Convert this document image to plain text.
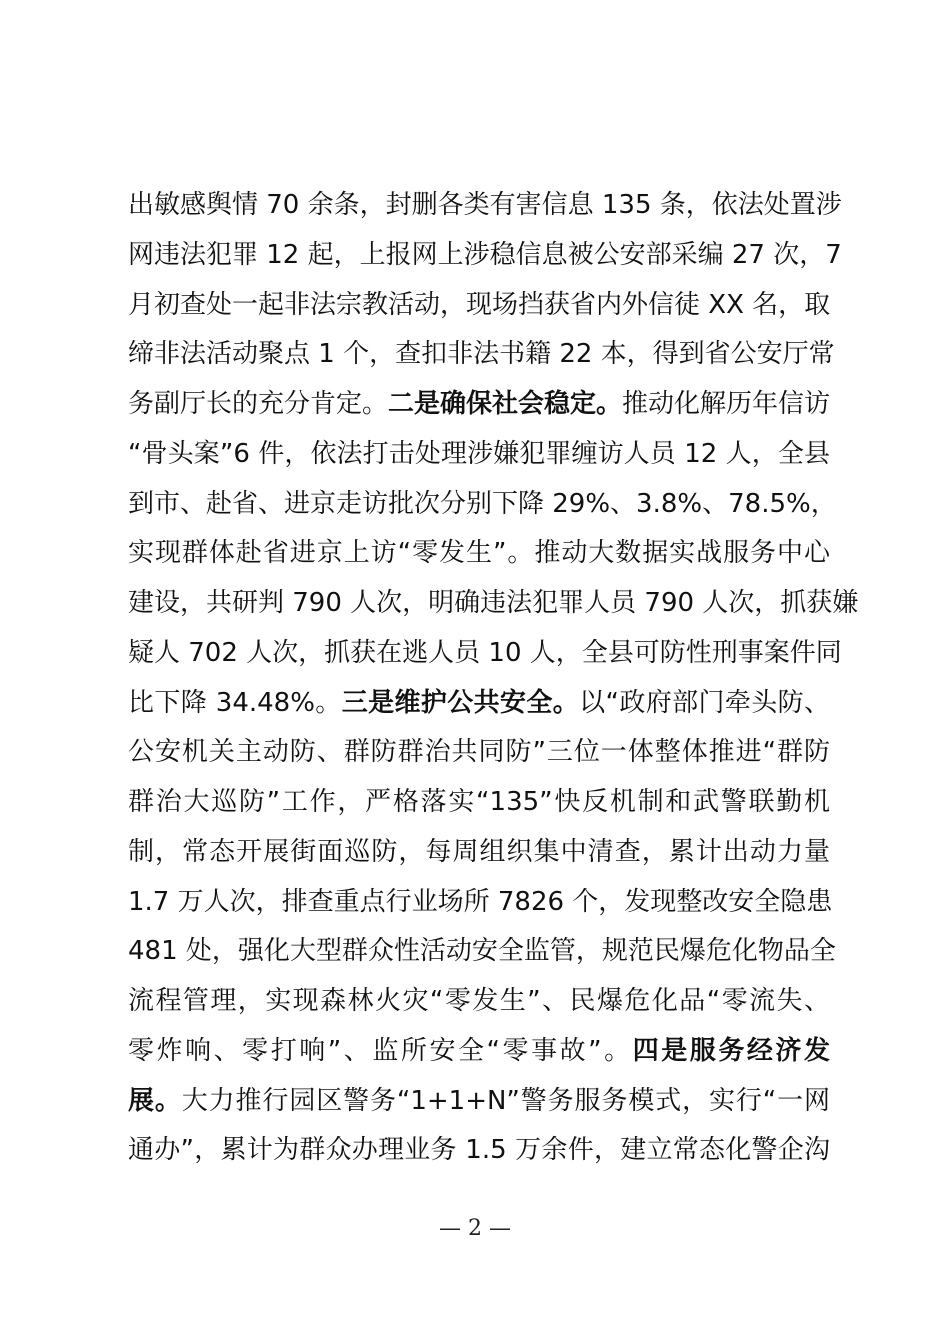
出敏感舆情 70 余条，封删各类有害信息 135 条，依法处置涉
网违法犯罪 12 起，上报网上涉稳信息被公安部采编 27 次，7
月初查处一起非法宗教活动，现场挡获省内外信徒 XX 名，取
缔非法活动聚点 1 个，查扣非法书籍 22 本，得到省公安厅常
务副厅长的充分肯定。二是确保社会稳定。推动化解历年信访
“骨头案”6 件，依法打击处理涉嫌犯罪缠访人员 12 人，全县
到市、赴省、进京走访批次分别下降 29%、3.8%、78.5%，
实现群体赴省进京上访“零发生”。推动大数据实战服务中心
建设，共研判 790 人次，明确违法犯罪人员 790 人次，抓获嫌
疑人 702 人次，抓获在逃人员 10 人，全县可防性刑事案件同
比下降 34.48%。三是维护公共安全。以“政府部门牵头防、
公安机关主动防、群防群治共同防”三位一体整体推进“群防
群治大巡防”工作，严格落实“135”快反机制和武警联勤机
制，常态开展街面巡防，每周组织集中清查，累计出动力量
1.7 万人次，排查重点行业场所 7826 个，发现整改安全隐患
481 处，强化大型群众性活动安全监管，规范民爆危化物品全
流程管理，实现森林火灾“零发生”、民爆危化品“零流失、
零炸响、零打响”、监所安全“零事故”。四是服务经济发
展。大力推行园区警务“1+1+N”警务服务模式，实行“一网
通办”，累计为群众办理业务 1.5 万余件，建立常态化警企沟
— 2 —
